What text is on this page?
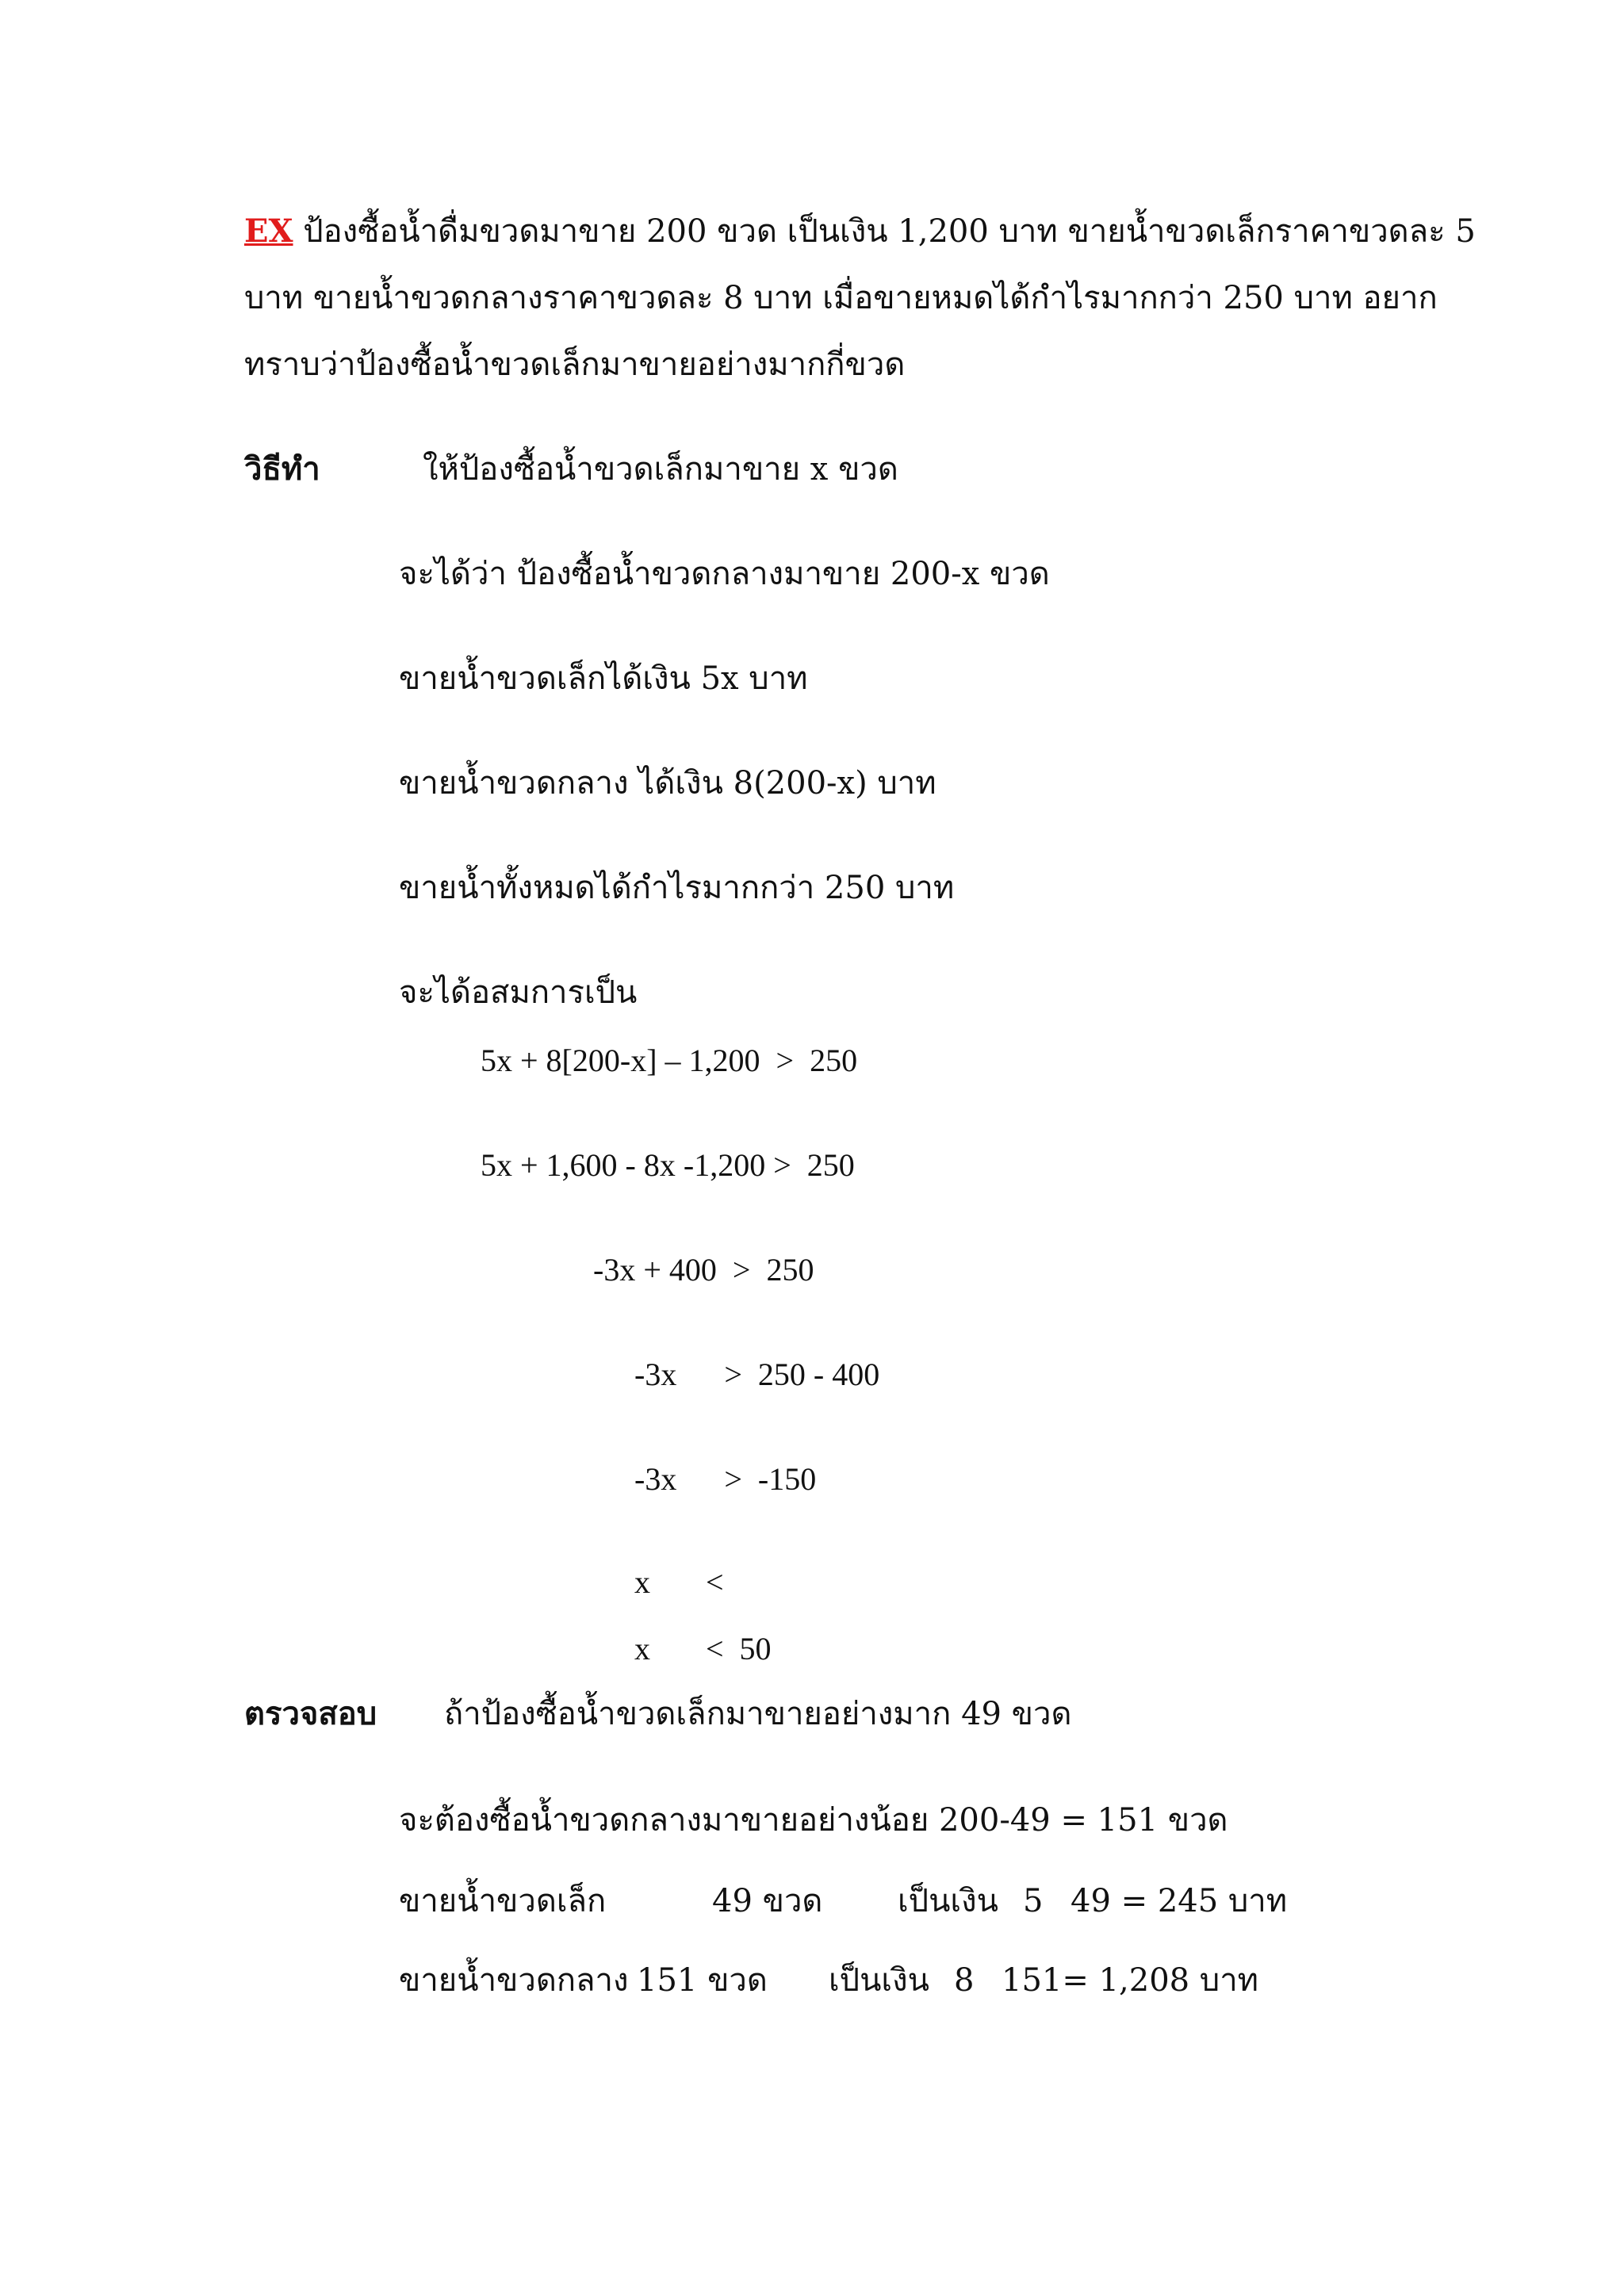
EX ป้องซื้อน้ำดื่มขวดมาขาย 200 ขวด เป็นเงิน 1,200 บาท ขายน้ำขวดเล็กราคาขวดละ 5
บาท ขายน้ำขวดกลางราคาขวดละ 8 บาท เมื่อขายหมดได้กำไรมากกว่า 250 บาท อยาก
ทราบว่าป้องซื้อน้ำขวดเล็กมาขายอย่างมากกี่ขวด
วิธีทำ	ให้ป้องซื้อน้ำขวดเล็กมาขาย x ขวด
จะได้ว่า ป้องซื้อน้ำขวดกลางมาขาย 200-x ขวด
ขายน้ำขวดเล็กได้เงิน 5x บาท
ขายน้ำขวดกลาง ได้เงิน 8(200-x) บาท
ขายน้ำทั้งหมดได้กำไรมากกว่า 250 บาท
จะได้อสมการเป็น
5x + 8[200-x] – 1,200  >  250
5x + 1,600 - 8x -1,200 >  250
-3x + 400  >  250
-3x      >  250 - 400
-3x      >  -150
x       <
x       <  50
ตรวจสอบ ถ้าป้องซื้อน้ำขวดเล็กมาขายอย่างมาก 49 ขวด
จะต้องซื้อน้ำขวดกลางมาขายอย่างน้อย 200-49 = 151 ขวด
ขายน้ำขวดเล็ก	49 ขวด เป็นเงิน 5 49 = 245 บาท
ขายน้ำขวดกลาง 151 ขวด เป็นเงิน 8 151= 1,208 บาท
